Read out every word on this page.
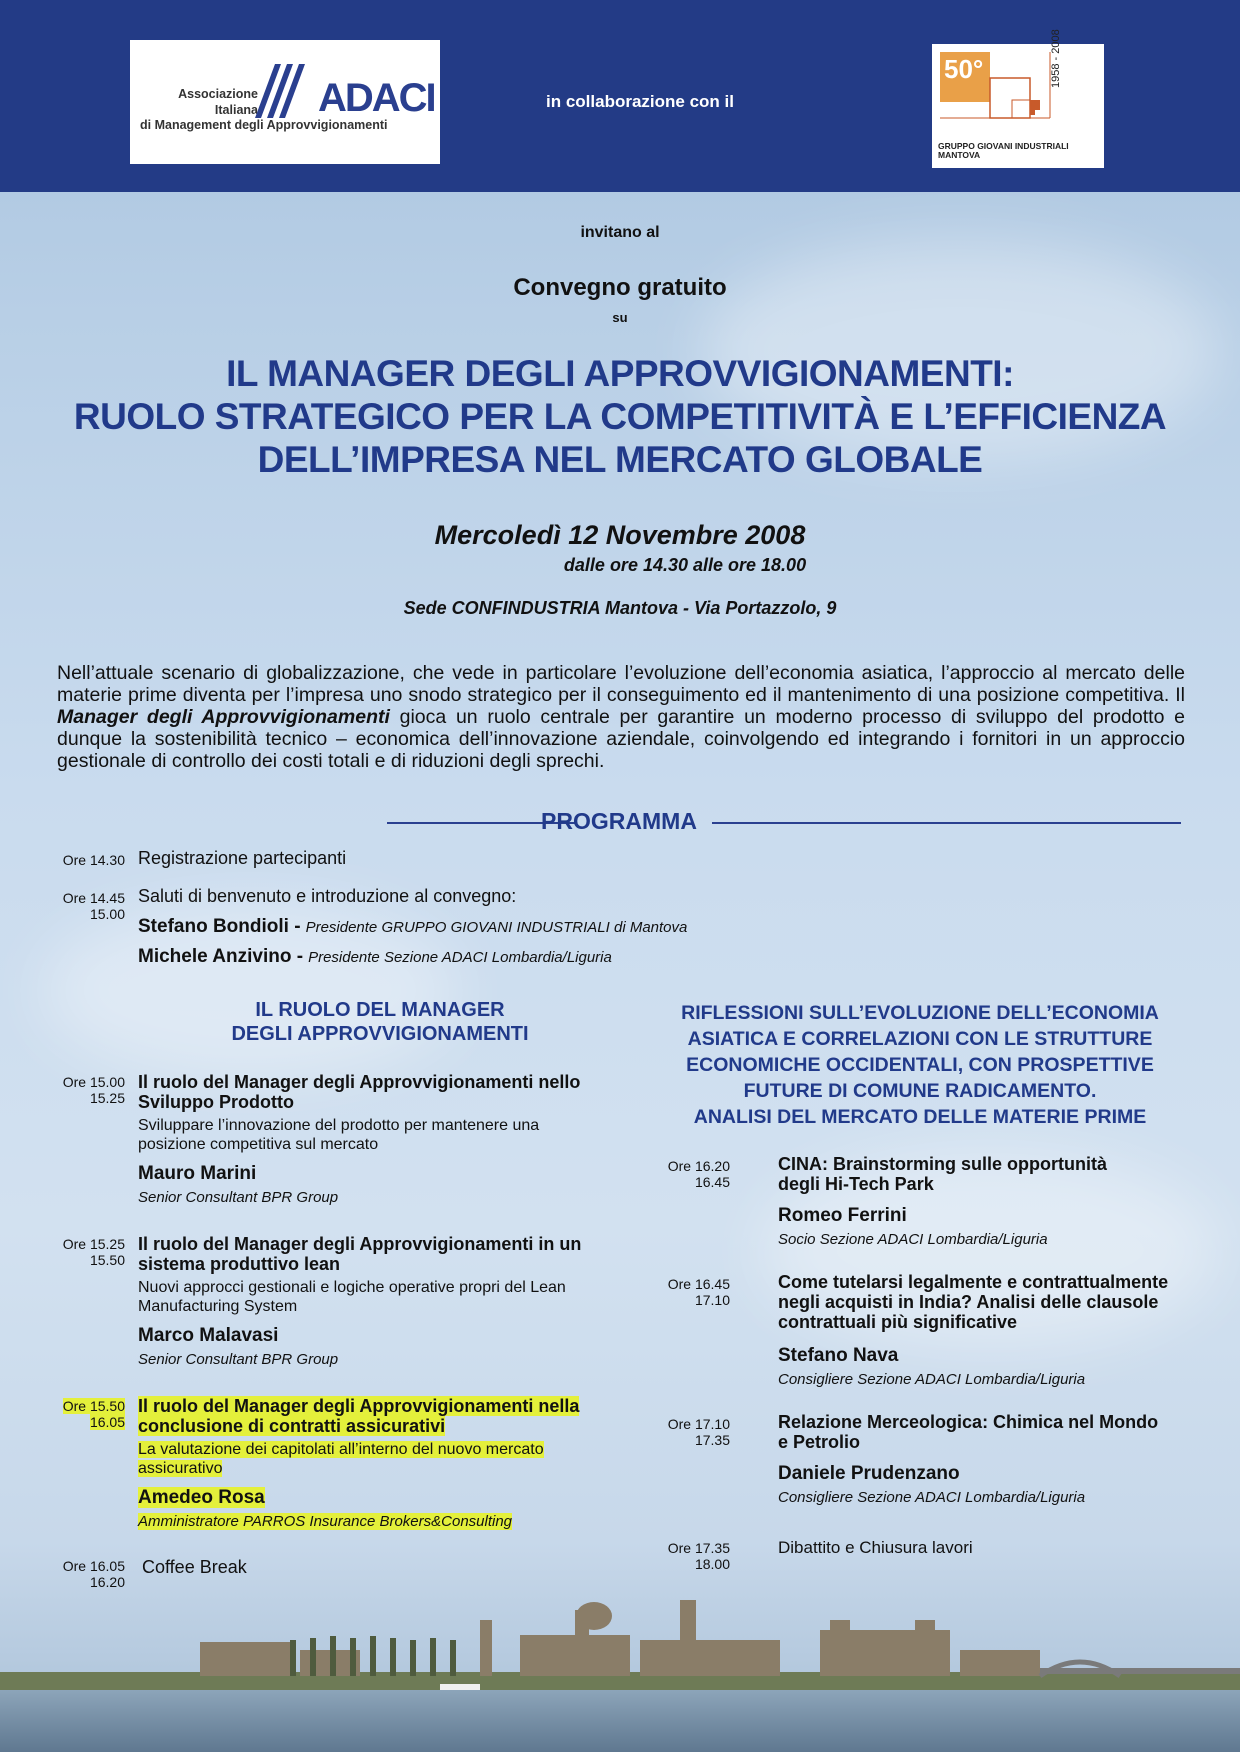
Associazione
Italiana
di Management degli Approvvigionamenti
ADACI	in collaborazione con il
50°	1958 - 2008
GRUPPO GIOVANI INDUSTRIALI
MANTOVA
invitano al
Convegno gratuito
su
IL MANAGER DEGLI APPROVVIGIONAMENTI:
RUOLO STRATEGICO PER LA COMPETITIVITÀ E L’EFFICIENZA
DELL’IMPRESA NEL MERCATO GLOBALE
Mercoledì 12 Novembre 2008
dalle ore 14.30 alle ore 18.00
Sede CONFINDUSTRIA Mantova - Via Portazzolo, 9
Nell’attuale scenario di globalizzazione, che vede in particolare l’evoluzione dell’economia asiatica, l’approccio al mercato delle materie prime diventa per l’impresa uno snodo strategico per il conseguimento ed il mantenimento di una posizione competitiva. Il Manager degli Approvvigionamenti gioca un ruolo centrale per garantire un moderno processo di sviluppo del prodotto e dunque la sostenibilità tecnico – economica dell’innovazione aziendale, coinvolgendo ed integrando i fornitori in un approccio gestionale di controllo dei costi totali e di riduzioni degli sprechi.
PROGRAMMA
Ore 14.30 Registrazione partecipanti
Ore 14.45
15.00
Saluti di benvenuto e introduzione al convegno:
Stefano Bondioli - Presidente GRUPPO GIOVANI INDUSTRIALI di Mantova
Michele Anzivino - Presidente Sezione ADACI Lombardia/Liguria
IL RUOLO DEL MANAGER
DEGLI APPROVVIGIONAMENTI
Ore 15.00
15.25
Il ruolo del Manager degli Approvvigionamenti nello
Sviluppo Prodotto
Sviluppare l’innovazione del prodotto per mantenere una
posizione competitiva sul mercato
Mauro Marini
Senior Consultant BPR Group
Ore 15.25
15.50
Il ruolo del Manager degli Approvvigionamenti in un
sistema produttivo lean
Nuovi approcci gestionali e logiche operative propri del Lean
Manufacturing System
Marco Malavasi
Senior Consultant BPR Group
Ore 15.50
16.05
Il ruolo del Manager degli Approvvigionamenti nella
conclusione di contratti assicurativi
La valutazione dei capitolati all’interno del nuovo mercato
assicurativo
Amedeo Rosa
Amministratore PARROS Insurance Brokers&Consulting
Ore 16.05
16.20
Coffee Break
RIFLESSIONI SULL’EVOLUZIONE DELL’ECONOMIA
ASIATICA E CORRELAZIONI CON LE STRUTTURE
ECONOMICHE OCCIDENTALI, CON PROSPETTIVE
FUTURE DI COMUNE RADICAMENTO.
ANALISI DEL MERCATO DELLE MATERIE PRIME
Ore 16.20
16.45
CINA: Brainstorming sulle opportunità
degli Hi-Tech Park
Romeo Ferrini
Socio Sezione ADACI Lombardia/Liguria
Ore 16.45
17.10
Come tutelarsi legalmente e contrattualmente
negli acquisti in India? Analisi delle clausole
contrattuali più significative
Stefano Nava
Consigliere Sezione ADACI Lombardia/Liguria
Ore 17.10
17.35
Relazione Merceologica: Chimica nel Mondo
e Petrolio
Daniele Prudenzano
Consigliere Sezione ADACI Lombardia/Liguria
Ore 17.35
18.00
Dibattito e Chiusura lavori
